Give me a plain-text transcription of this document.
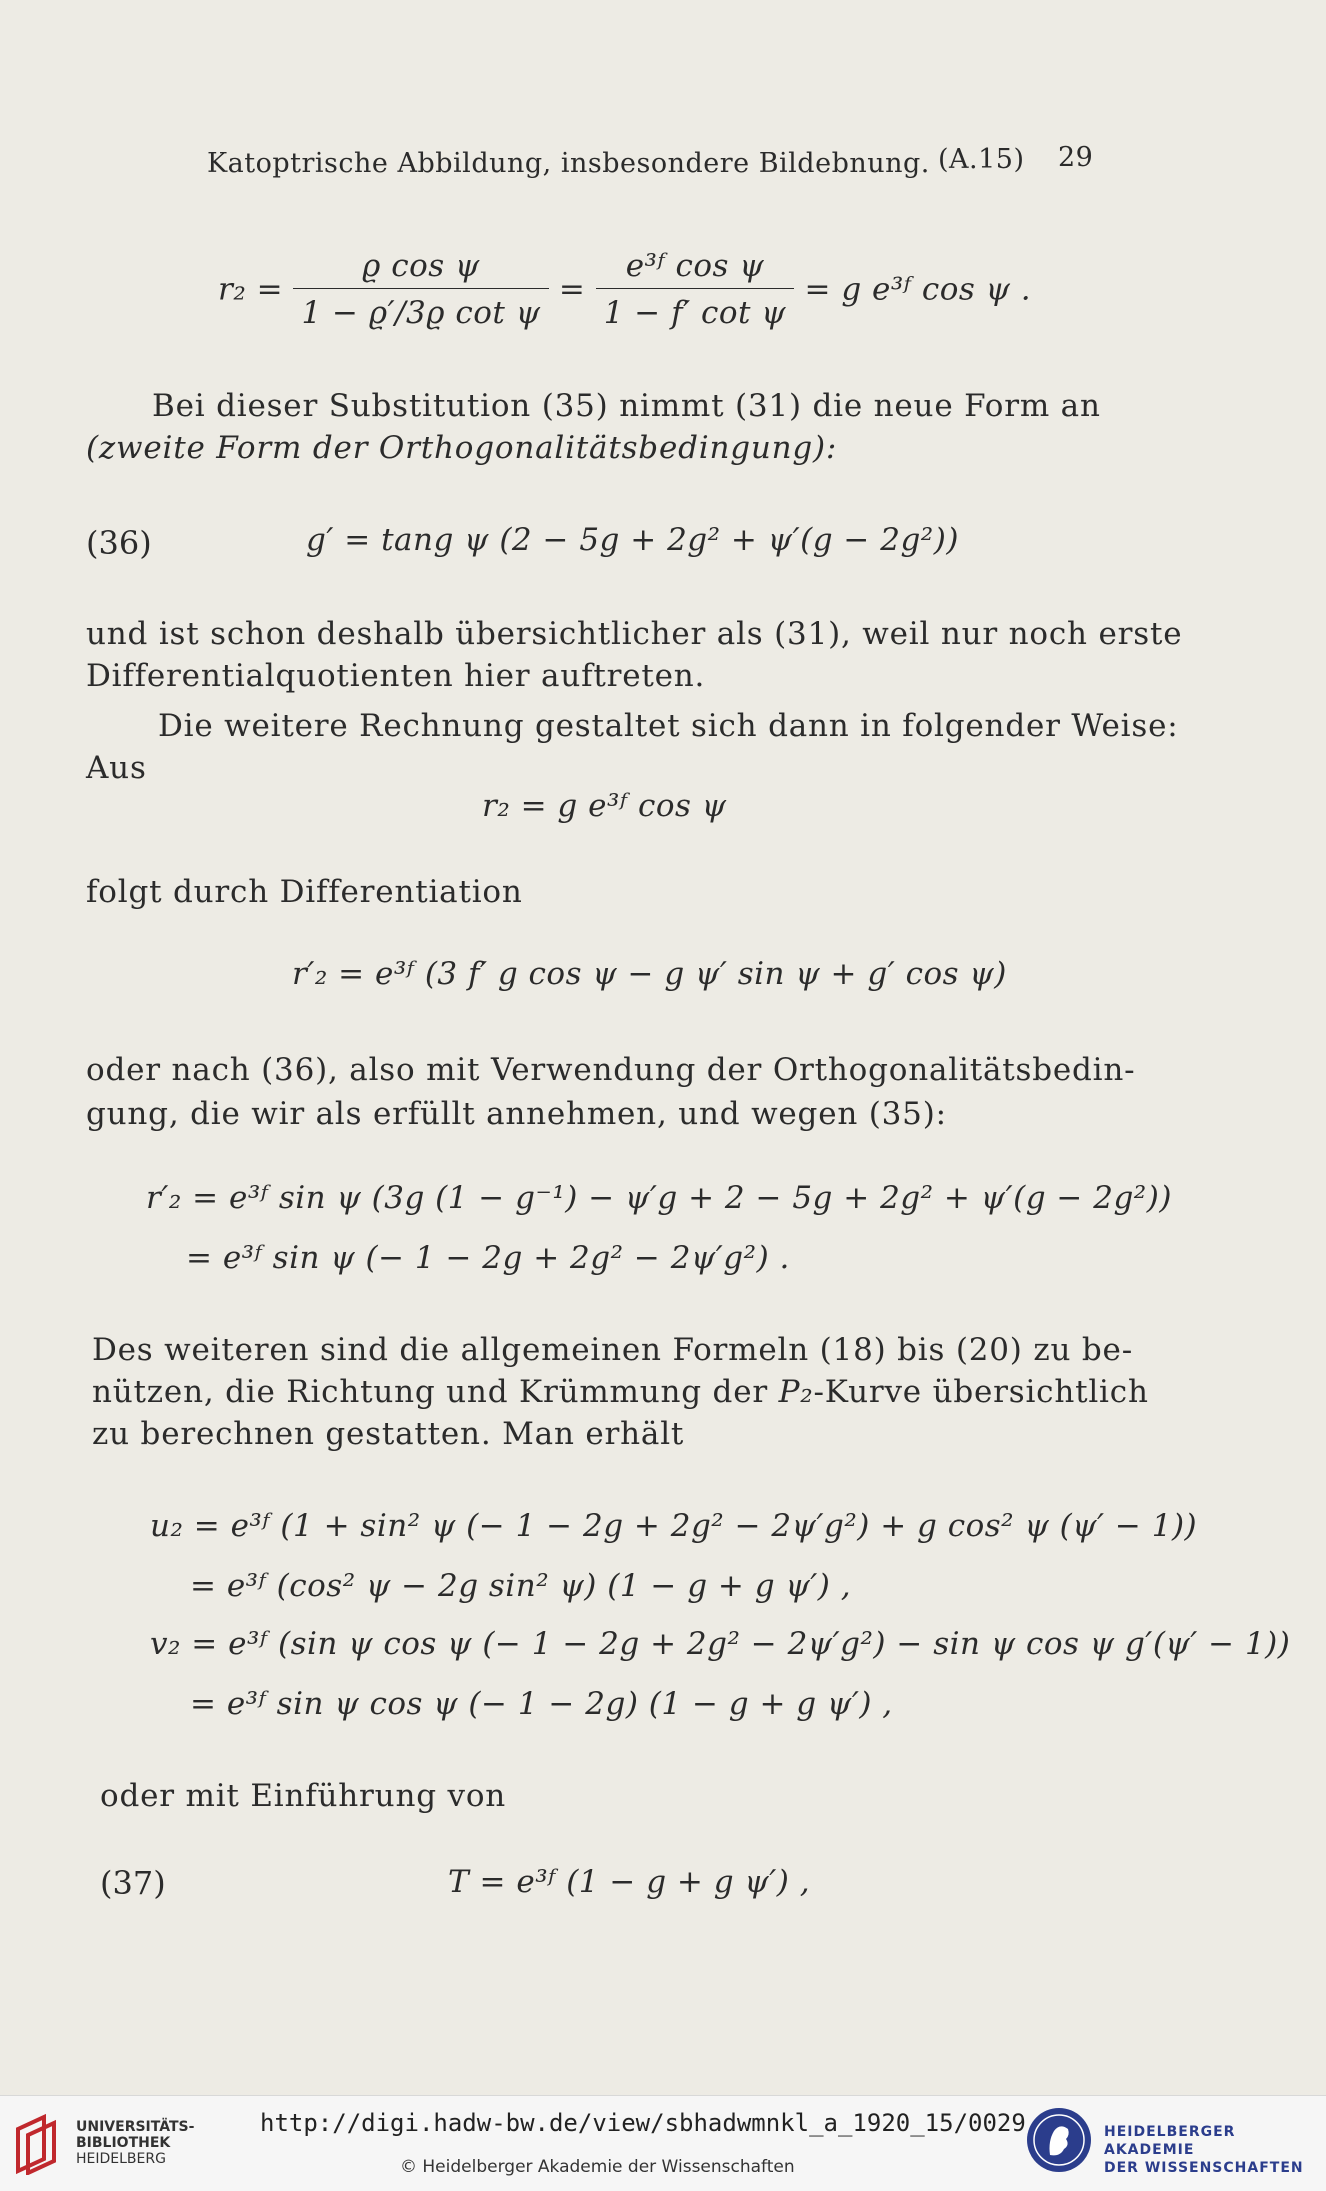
Katoptrische Abbildung, insbesondere Bildebnung. (A.15) 29
$r_2 = \frac{\text{ϱ cos ψ}}{\text{1 − ϱ′/3ϱ cot ψ}} = \frac{\text{e³ᶠ cos ψ}}{\text{1 − f′ cot ψ}} = g$ e³ᶠ cos ψ .
Bei dieser Substitution (35) nimmt (31) die neue Form an
(zweite Form der Orthogonalitätsbedingung):
(36)	g′ = tang ψ (2 − 5g + 2g² + ψ′(g − 2g²))
und ist schon deshalb übersichtlicher als (31), weil nur noch erste
Differentialquotienten hier auftreten.
Die weitere Rechnung gestaltet sich dann in folgender Weise:
Aus
r₂ = g e³ᶠ cos ψ
folgt durch Differentiation
r′₂ = e³ᶠ (3 f′ g cos ψ − g ψ′ sin ψ + g′ cos ψ)
oder nach (36), also mit Verwendung der Orthogonalitätsbedin-
gung, die wir als erfüllt annehmen, und wegen (35):
r′₂ = e³ᶠ sin ψ (3g (1 − g⁻¹) − ψ′g + 2 − 5g + 2g² + ψ′(g − 2g²))
= e³ᶠ sin ψ (− 1 − 2g + 2g² − 2ψ′g²) .
Des weiteren sind die allgemeinen Formeln (18) bis (20) zu be-
nützen, die Richtung und Krümmung der P₂-Kurve übersichtlich
zu berechnen gestatten. Man erhält
u₂ = e³ᶠ (1 + sin² ψ (− 1 − 2g + 2g² − 2ψ′g²) + g cos² ψ (ψ′ − 1))
= e³ᶠ (cos² ψ − 2g sin² ψ) (1 − g + g ψ′) ,
v₂ = e³ᶠ (sin ψ cos ψ (− 1 − 2g + 2g² − 2ψ′g²) − sin ψ cos ψ g′(ψ′ − 1))
= e³ᶠ sin ψ cos ψ (− 1 − 2g) (1 − g + g ψ′) ,
oder mit Einführung von
(37)	T = e³ᶠ (1 − g + g ψ′) ,
UNIVERSITÄTS-
BIBLIOTHEK
HEIDELBERG
http://digi.hadw-bw.de/view/sbhadwmnkl_a_1920_15/0029
© Heidelberger Akademie der Wissenschaften
HEIDELBERGER AKADEMIE
DER WISSENSCHAFTEN
